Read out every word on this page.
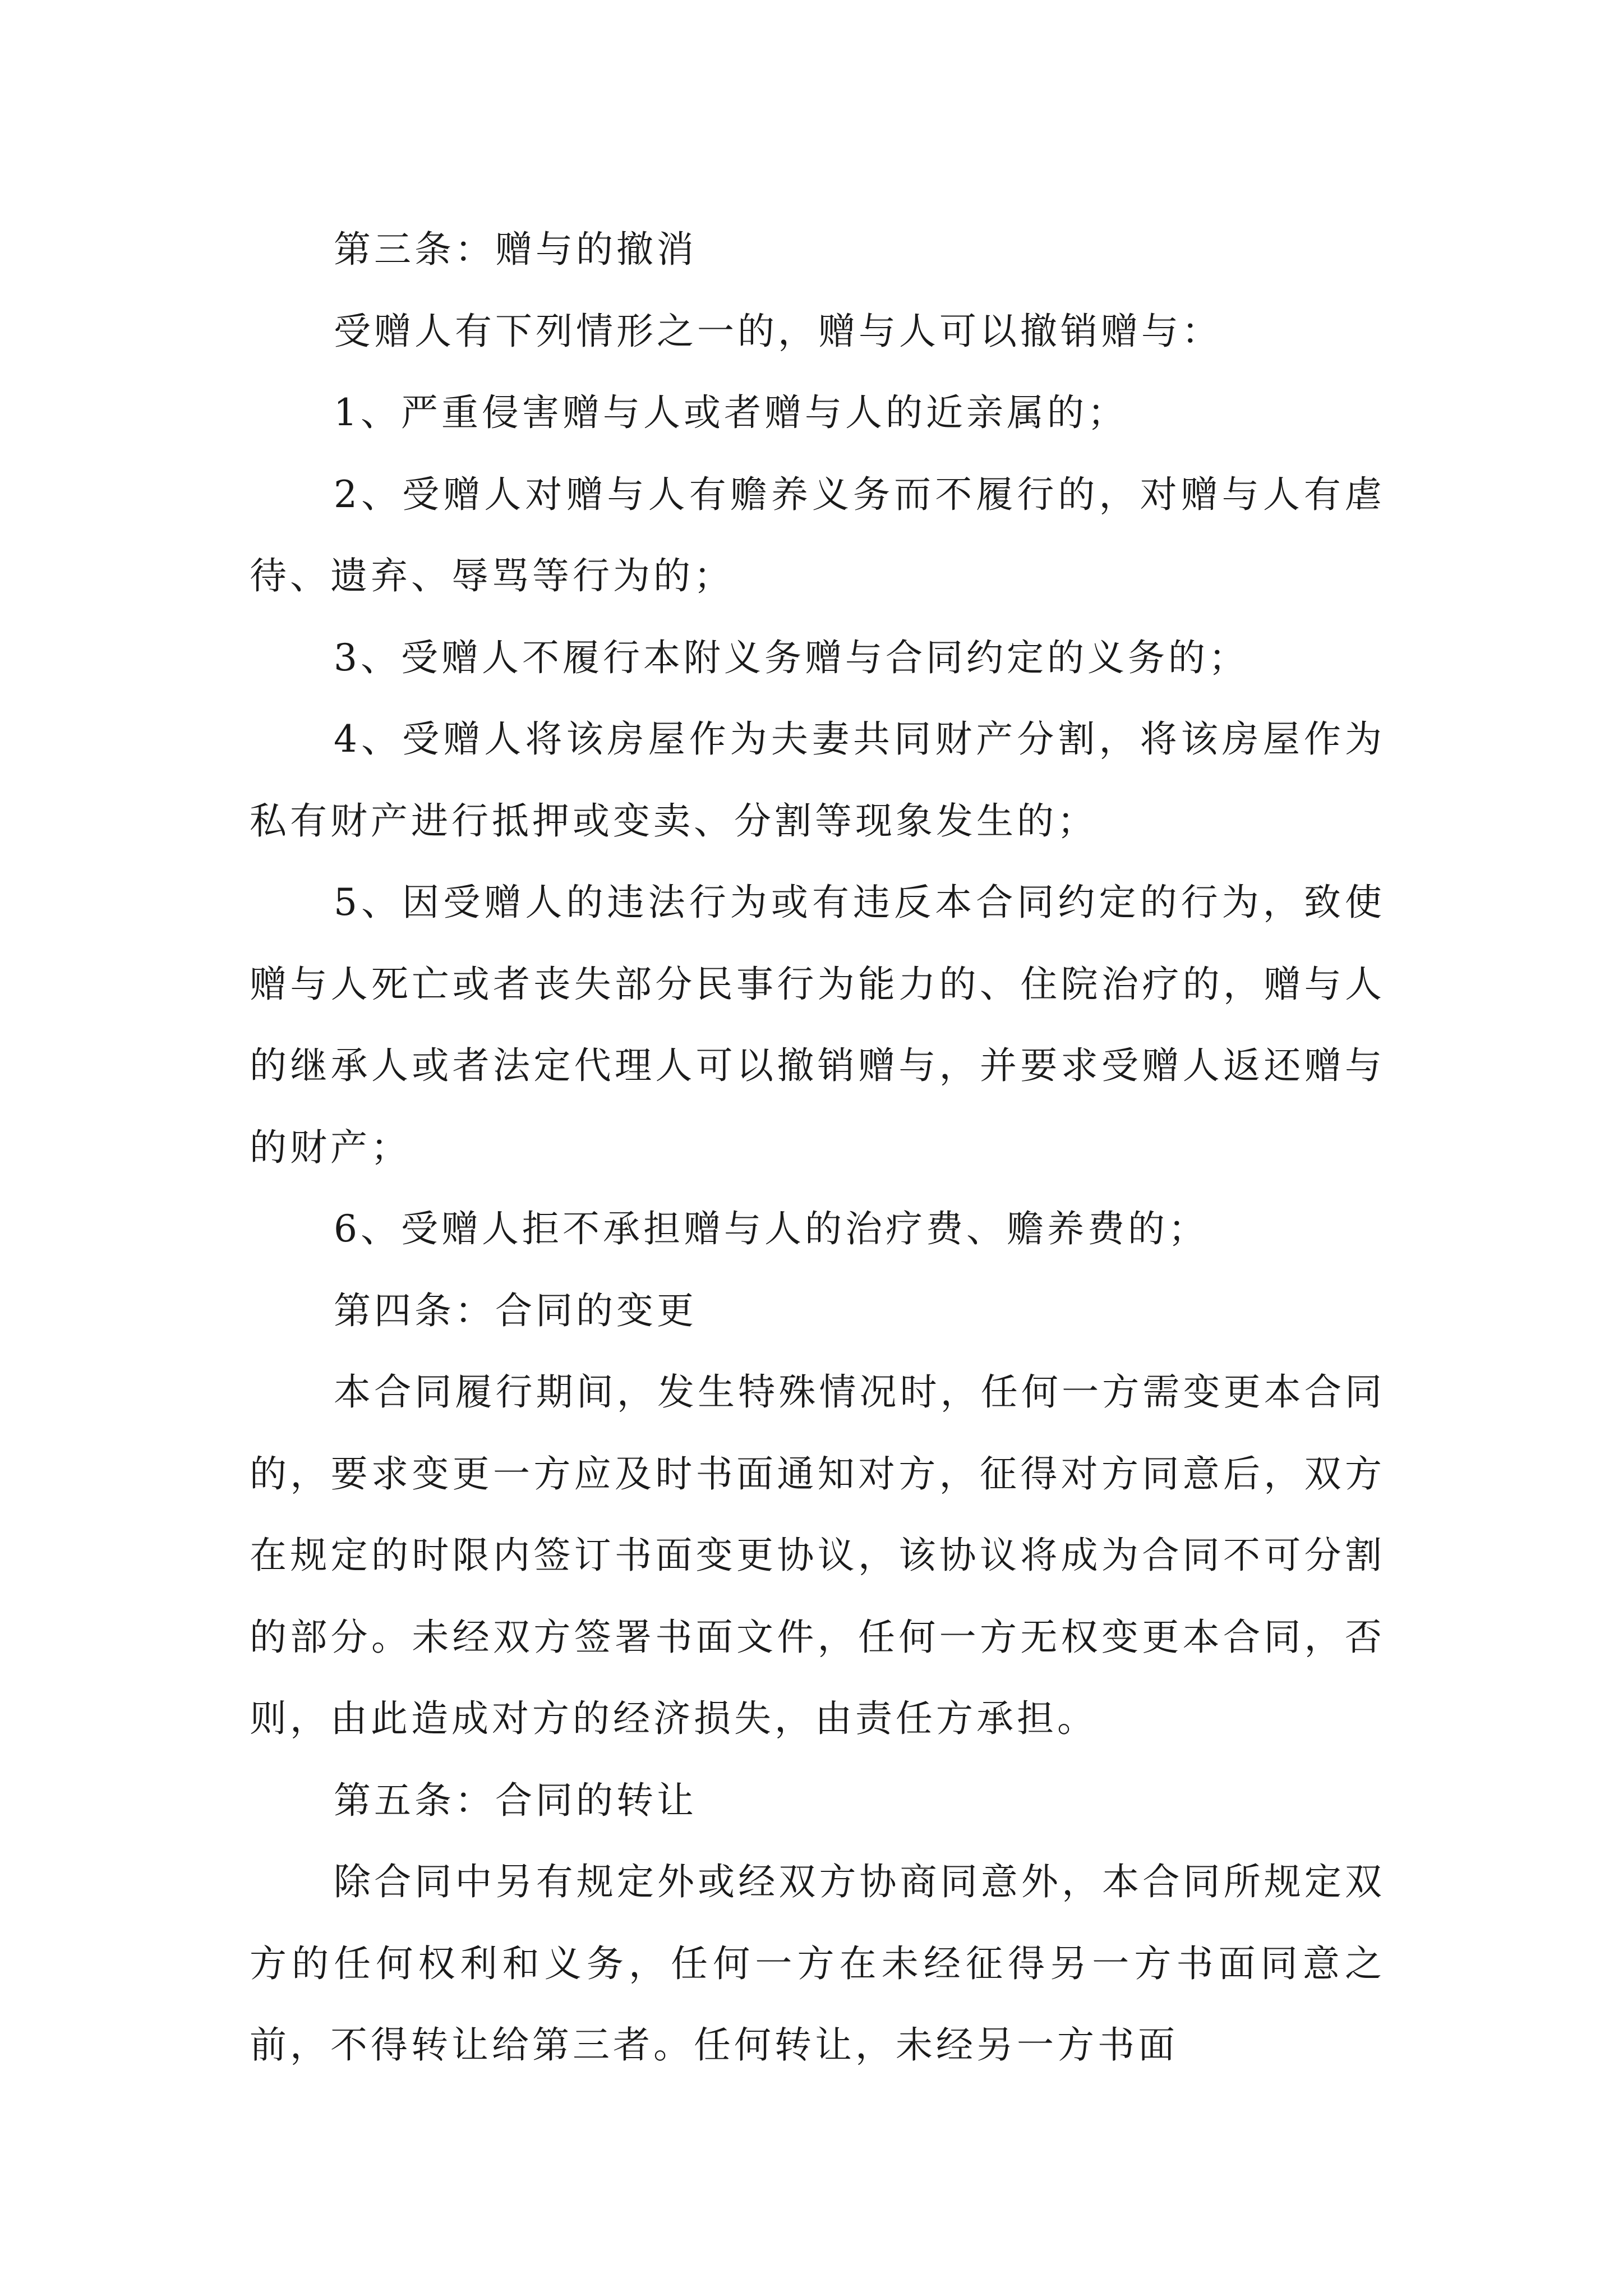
第三条：赠与的撤消

受赠人有下列情形之一的，赠与人可以撤销赠与：

1、严重侵害赠与人或者赠与人的近亲属的；

2、受赠人对赠与人有赡养义务而不履行的，对赠与人有虐待、遗弃、辱骂等行为的；

3、受赠人不履行本附义务赠与合同约定的义务的；

4、受赠人将该房屋作为夫妻共同财产分割，将该房屋作为私有财产进行抵押或变卖、分割等现象发生的；

5、因受赠人的违法行为或有违反本合同约定的行为，致使赠与人死亡或者丧失部分民事行为能力的、住院治疗的，赠与人的继承人或者法定代理人可以撤销赠与，并要求受赠人返还赠与的财产；

6、受赠人拒不承担赠与人的治疗费、赡养费的；

第四条：合同的变更

本合同履行期间，发生特殊情况时，任何一方需变更本合同的，要求变更一方应及时书面通知对方，征得对方同意后，双方在规定的时限内签订书面变更协议，该协议将成为合同不可分割的部分。未经双方签署书面文件，任何一方无权变更本合同，否则，由此造成对方的经济损失，由责任方承担。

第五条：合同的转让

除合同中另有规定外或经双方协商同意外，本合同所规定双方的任何权利和义务，任何一方在未经征得另一方书面同意之前，不得转让给第三者。任何转让，未经另一方书面
